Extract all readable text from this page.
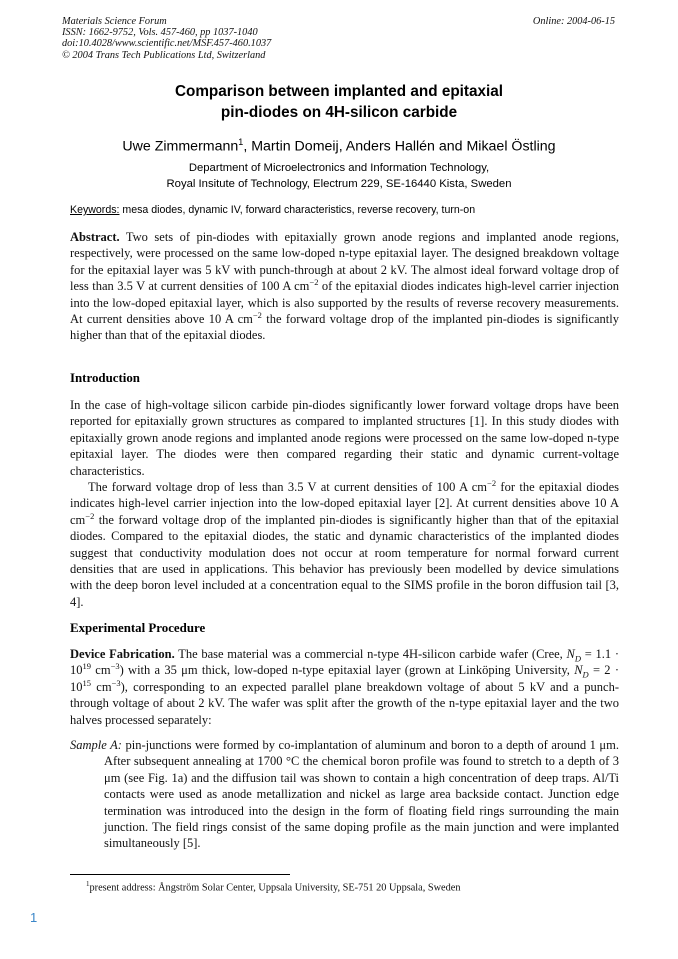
Materials Science Forum
ISSN: 1662-9752, Vols. 457-460, pp 1037-1040
doi:10.4028/www.scientific.net/MSF.457-460.1037
© 2004 Trans Tech Publications Ltd, Switzerland
Online: 2004-06-15
Comparison between implanted and epitaxial
pin-diodes on 4H-silicon carbide
Uwe Zimmermann$^1$, Martin Domeij, Anders Hallén and Mikael Östling
Department of Microelectronics and Information Technology,
Royal Insitute of Technology, Electrum 229, SE-16440 Kista, Sweden
Keywords: mesa diodes, dynamic IV, forward characteristics, reverse recovery, turn-on

Abstract. Two sets of pin-diodes with epitaxially grown anode regions and implanted anode regions, respectively, were processed on the same low-doped n-type epitaxial layer. The designed breakdown voltage for the epitaxial layer was 5 kV with punch-through at about 2 kV. The almost ideal forward voltage drop of less than 3.5 V at current densities of 100 A $cm^{-2}$ of the epitaxial diodes indicates high-level carrier injection into the low-doped epitaxial layer, which is also supported by the results of reverse recovery measurements. At current densities above 10 A $cm^{-2}$ the forward voltage drop of the implanted pin-diodes is significantly higher than that of the epitaxial diodes.

Introduction

In the case of high-voltage silicon carbide pin-diodes significantly lower forward voltage drops have been reported for epitaxially grown structures as compared to implanted structures [1]. In this study diodes with epitaxially grown anode regions and implanted anode regions were processed on the same low-doped n-type epitaxial layer. The diodes were then compared regarding their static and dynamic current-voltage characteristics.

The forward voltage drop of less than 3.5 V at current densities of 100 A $cm^{-2}$ for the epitaxial diodes indicates high-level carrier injection into the low-doped epitaxial layer [2]. At current densities above 10 A $cm^{-2}$ the forward voltage drop of the implanted pin-diodes is significantly higher than that of the epitaxial diodes. Compared to the epitaxial diodes, the static and dynamic characteristics of the implanted diodes suggest that conductivity modulation does not occur at room temperature for normal forward current densities that are used in applications. This behavior has previously been modelled by device simulations with the deep boron level included at a concentration equal to the SIMS profile in the boron diffusion tail [3, 4].

Experimental Procedure

Device Fabrication. The base material was a commercial n-type 4H-silicon carbide wafer (Cree, $N_D = 1.1 \cdot 10^{19}$ $cm^{-3}$) with a 35 μm thick, low-doped n-type epitaxial layer (grown at Linköping University, $N_D = 2 \cdot 10^{15}$ $cm^{-3}$), corresponding to an expected parallel plane breakdown voltage of about 5 kV and a punch-through voltage of about 2 kV. The wafer was split after the growth of the n-type epitaxial layer and the two halves processed separately:

Sample A: pin-junctions were formed by co-implantation of aluminum and boron to a depth of around 1 μm. After subsequent annealing at 1700 °C the chemical boron profile was found to stretch to a depth of 3 μm (see Fig. 1a) and the diffusion tail was shown to contain a high concentration of deep traps. Al/Ti contacts were used as anode metallization and nickel as large area backside contact. Junction edge termination was introduced into the design in the form of floating field rings surrounding the main junction. The field rings consist of the same doping profile as the main junction and were implanted simultaneously [5].

$^1$present address: Ångström Solar Center, Uppsala University, SE-751 20 Uppsala, Sweden
1
